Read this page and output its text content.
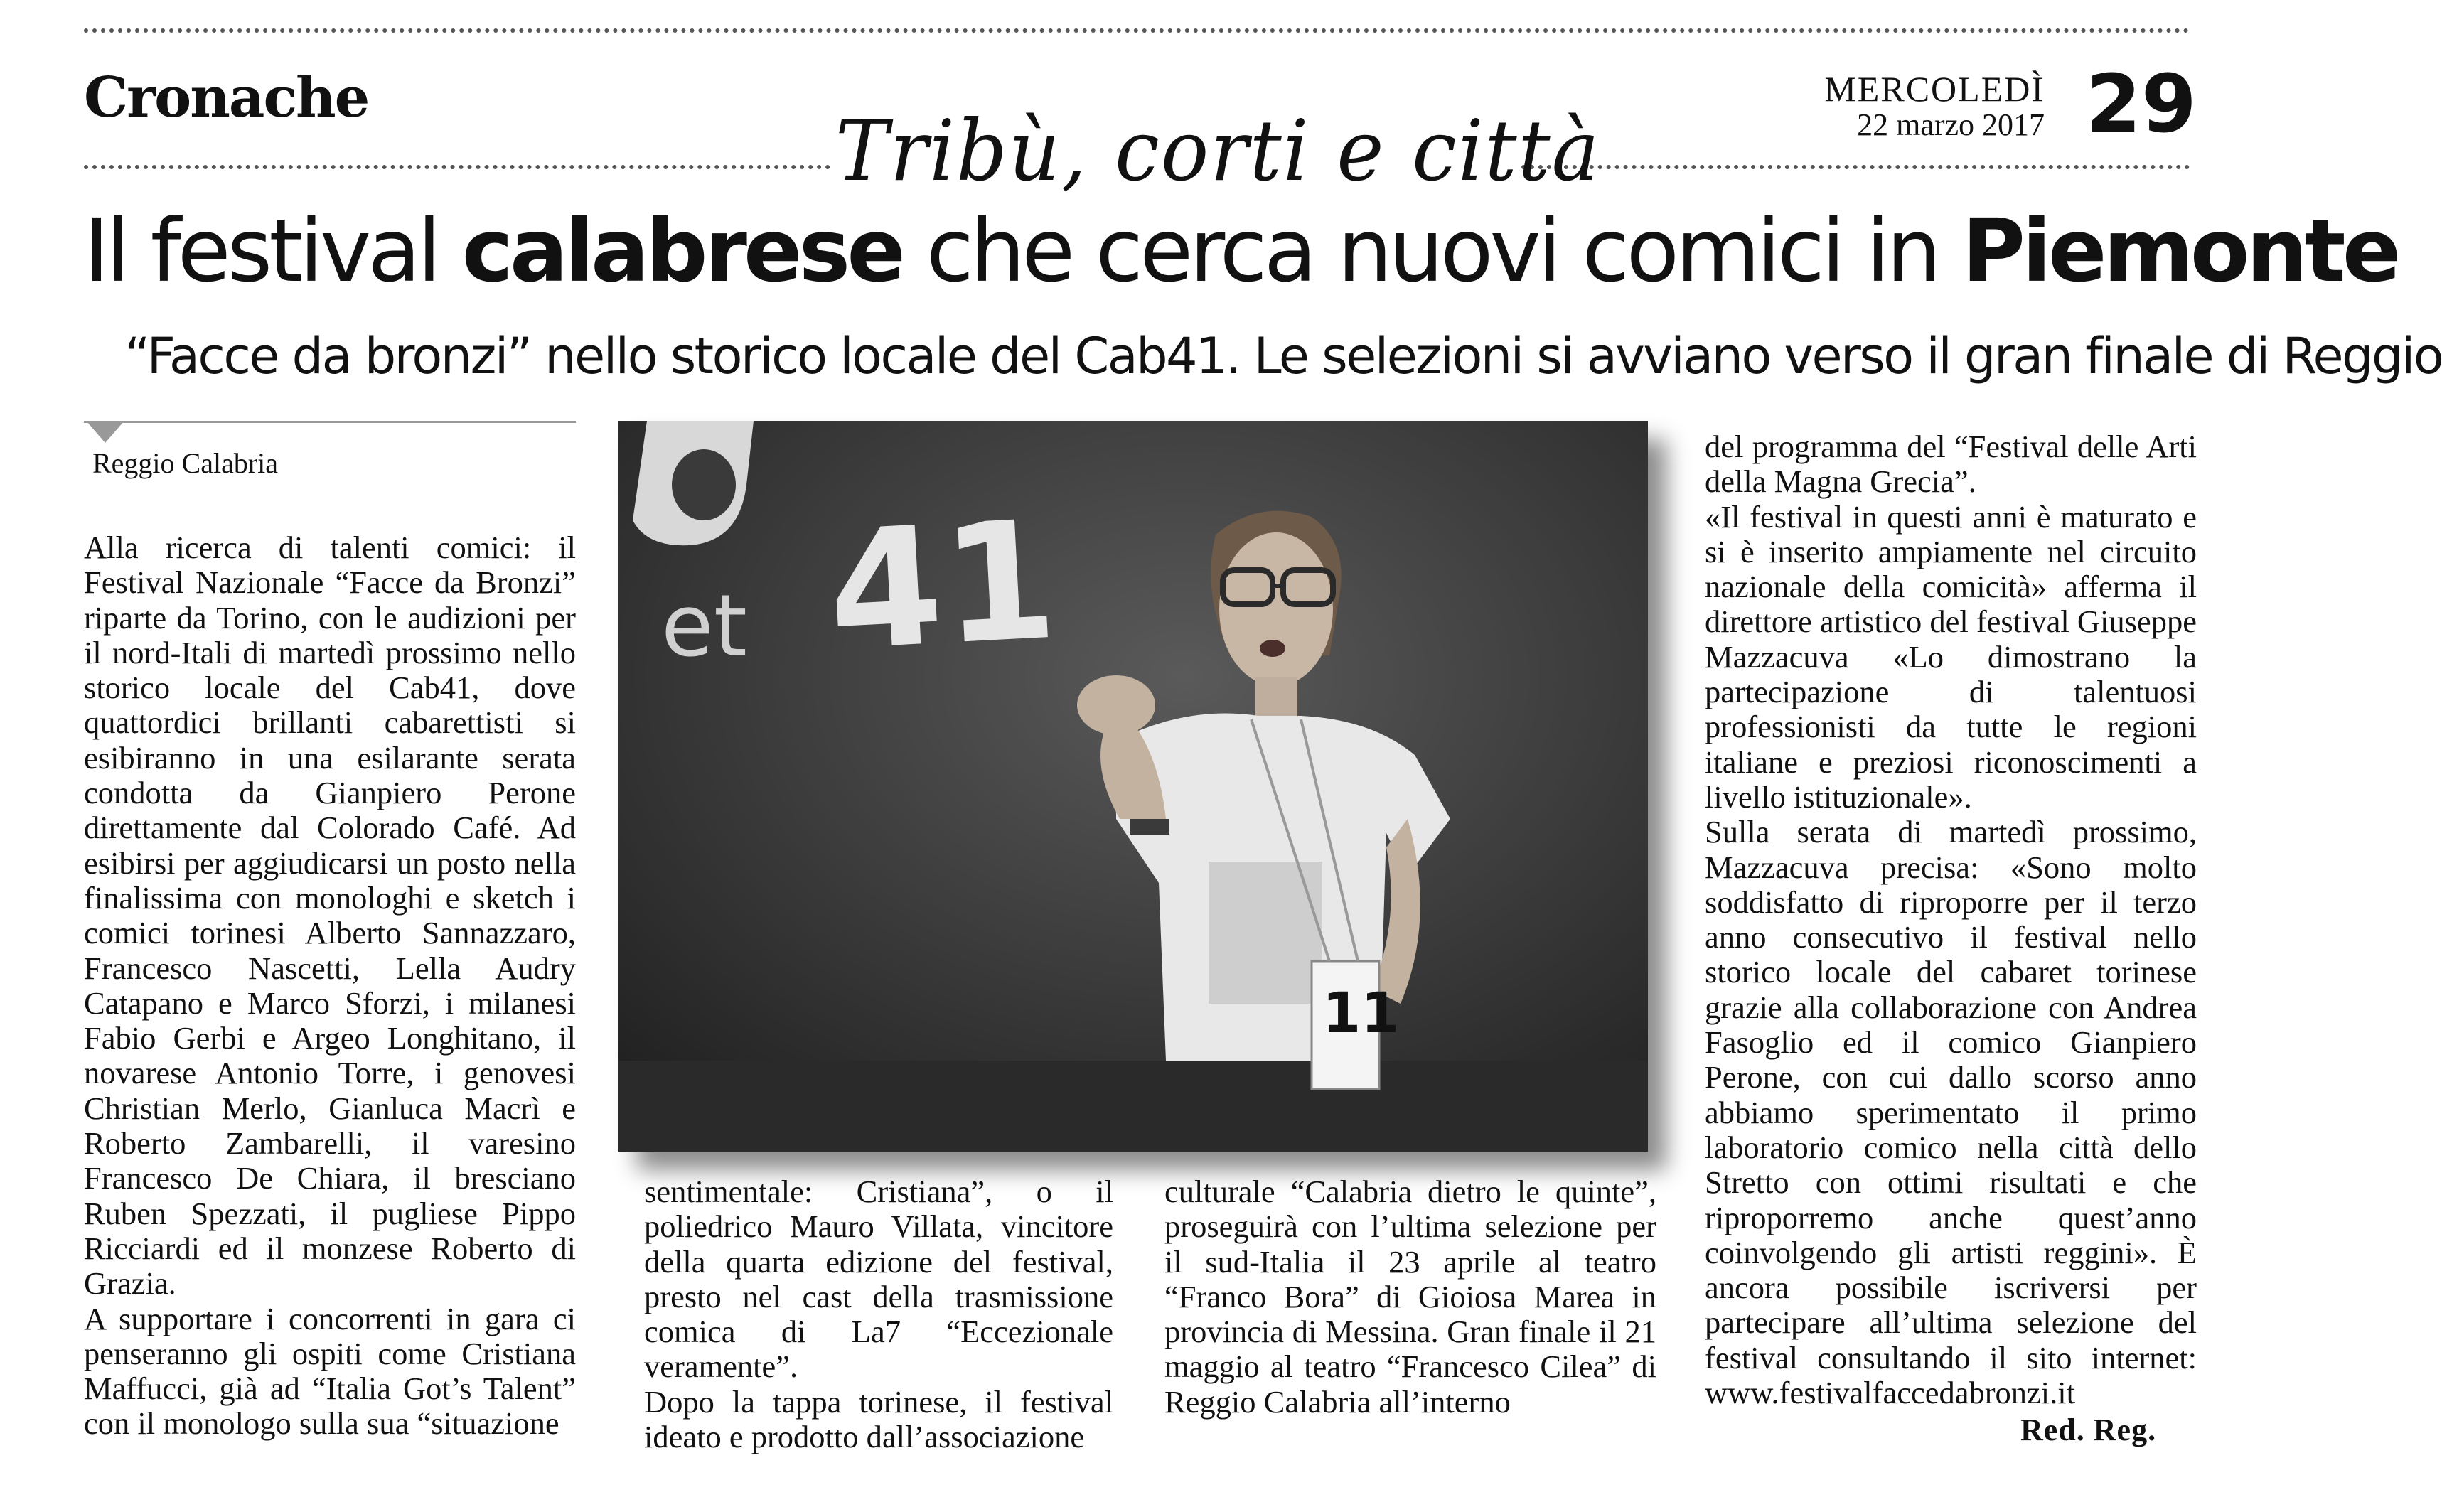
Cronache
Tribù, corti e città
MERCOLEDÌ
22 marzo 2017 29
Il festival calabrese che cerca nuovi comici in Piemonte
“Facce da bronzi” nello storico locale del Cab41. Le selezioni si avviano verso il gran finale di Reggio
Reggio Calabria

Alla ricerca di talenti comici: il Festival Nazionale “Facce da Bronzi” riparte da Torino, con le audizioni per il nord-Itali di martedì prossimo nello storico locale del Cab41, dove quattordici brillanti cabarettisti si esibiranno in una esilarante serata condotta da Gianpiero Perone direttamente dal Colorado Café. Ad esibirsi per aggiudicarsi un posto nella finalissima con monologhi e sketch i comici torinesi Alberto Sannazzaro, Francesco Nascetti, Lella Audry Catapano e Marco Sforzi, i milanesi Fabio Gerbi e Argeo Longhitano, il novarese Antonio Torre, i genovesi Christian Merlo, Gianluca Macrì e Roberto Zambarelli, il varesino Francesco De Chiara, il bresciano Ruben Spezzati, il pugliese Pippo Ricciardi ed il monzese Roberto di Grazia.

A supportare i concorrenti in gara ci penseranno gli ospiti come Cristiana Maffucci, già ad “Italia Got’s Talent” con il monologo sulla sua “situazione

41
et
11

sentimentale: Cristiana”, o il poliedrico Mauro Villata, vincitore della quarta edizione del festival, presto nel cast della trasmissione comica di La7 “Eccezionale veramente”.

Dopo la tappa torinese, il festival ideato e prodotto dall’associazione

culturale “Calabria dietro le quinte”, proseguirà con l’ultima selezione per il sud-Italia il 23 aprile al teatro “Franco Bora” di Gioiosa Marea in provincia di Messina. Gran finale il 21 maggio al teatro “Francesco Cilea” di Reggio Calabria all’interno

del programma del “Festival delle Arti della Magna Grecia”.

«Il festival in questi anni è maturato e si è inserito ampiamente nel circuito nazionale della comicità» afferma il direttore artistico del festival Giuseppe Mazzacuva «Lo dimostrano la partecipazione di talentuosi professionisti da tutte le regioni italiane e preziosi riconoscimenti a livello istituzionale».

Sulla serata di martedì prossimo, Mazzacuva precisa: «Sono molto soddisfatto di riproporre per il terzo anno consecutivo il festival nello storico locale del cabaret torinese grazie alla collaborazione con Andrea Fasoglio ed il comico Gianpiero Perone, con cui dallo scorso anno abbiamo sperimentato il primo laboratorio comico nella città dello Stretto con ottimi risultati e che riproporremo anche quest’anno coinvolgendo gli artisti reggini». È ancora possibile iscriversi per partecipare all’ultima selezione del festival consultando il sito internet: www.festivalfaccedabronzi.it

Red. Reg.
